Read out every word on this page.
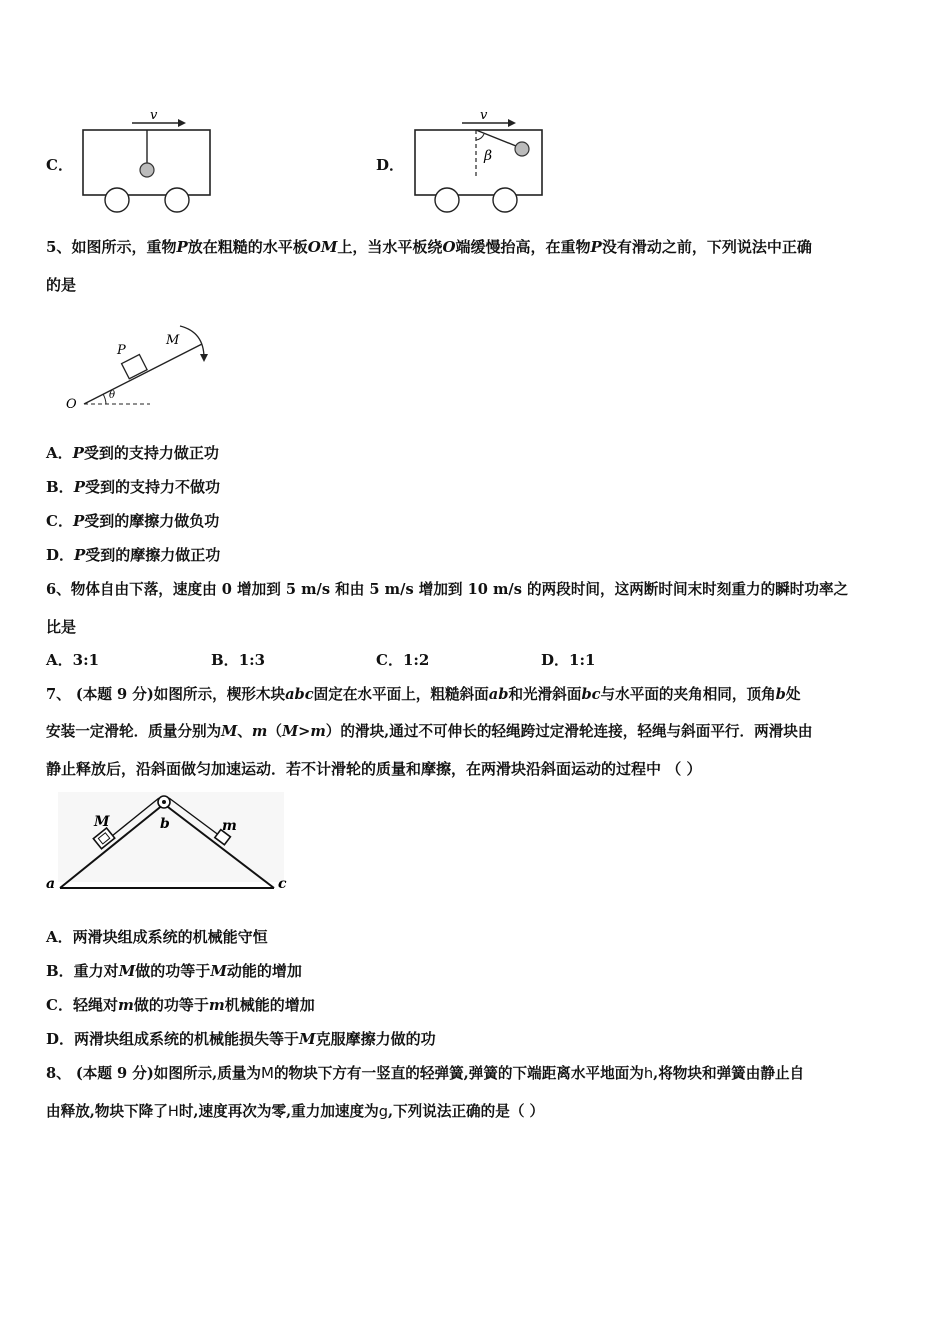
C．
v
D．
v
β
5、如图所示，重物P放在粗糙的水平板OM上，当水平板绕O端缓慢抬高，在重物P没有滑动之前，下列说法中正确
的是
θ
P
M
O
A．P受到的支持力做正功
B．P受到的支持力不做功
C．P受到的摩擦力做负功
D．P受到的摩擦力做正功
6、物体自由下落，速度由 0 增加到 5 m/s 和由 5 m/s 增加到 10 m/s 的两段时间，这两断时间末时刻重力的瞬时功率之
比是
A．3:1	B．1:3	C．1:2	D．1:1
7、 (本题 9 分)如图所示，楔形木块abc固定在水平面上，粗糙斜面ab和光滑斜面bc与水平面的夹角相同，顶角b处
安装一定滑轮．质量分别为M、m（M>m）的滑块,通过不可伸长的轻绳跨过定滑轮连接，轻绳与斜面平行．两滑块由
静止释放后，沿斜面做匀加速运动．若不计滑轮的质量和摩擦，在两滑块沿斜面运动的过程中 （ ）
M	b	m
a	c
A．两滑块组成系统的机械能守恒
B．重力对M做的功等于M动能的增加
C．轻绳对m做的功等于m机械能的增加
D．两滑块组成系统的机械能损失等于M克服摩擦力做的功
8、 (本题 9 分)如图所示,质量为M的物块下方有一竖直的轻弹簧,弹簧的下端距离水平地面为h,将物块和弹簧由静止自
由释放,物块下降了H时,速度再次为零,重力加速度为g,下列说法正确的是（ ）
